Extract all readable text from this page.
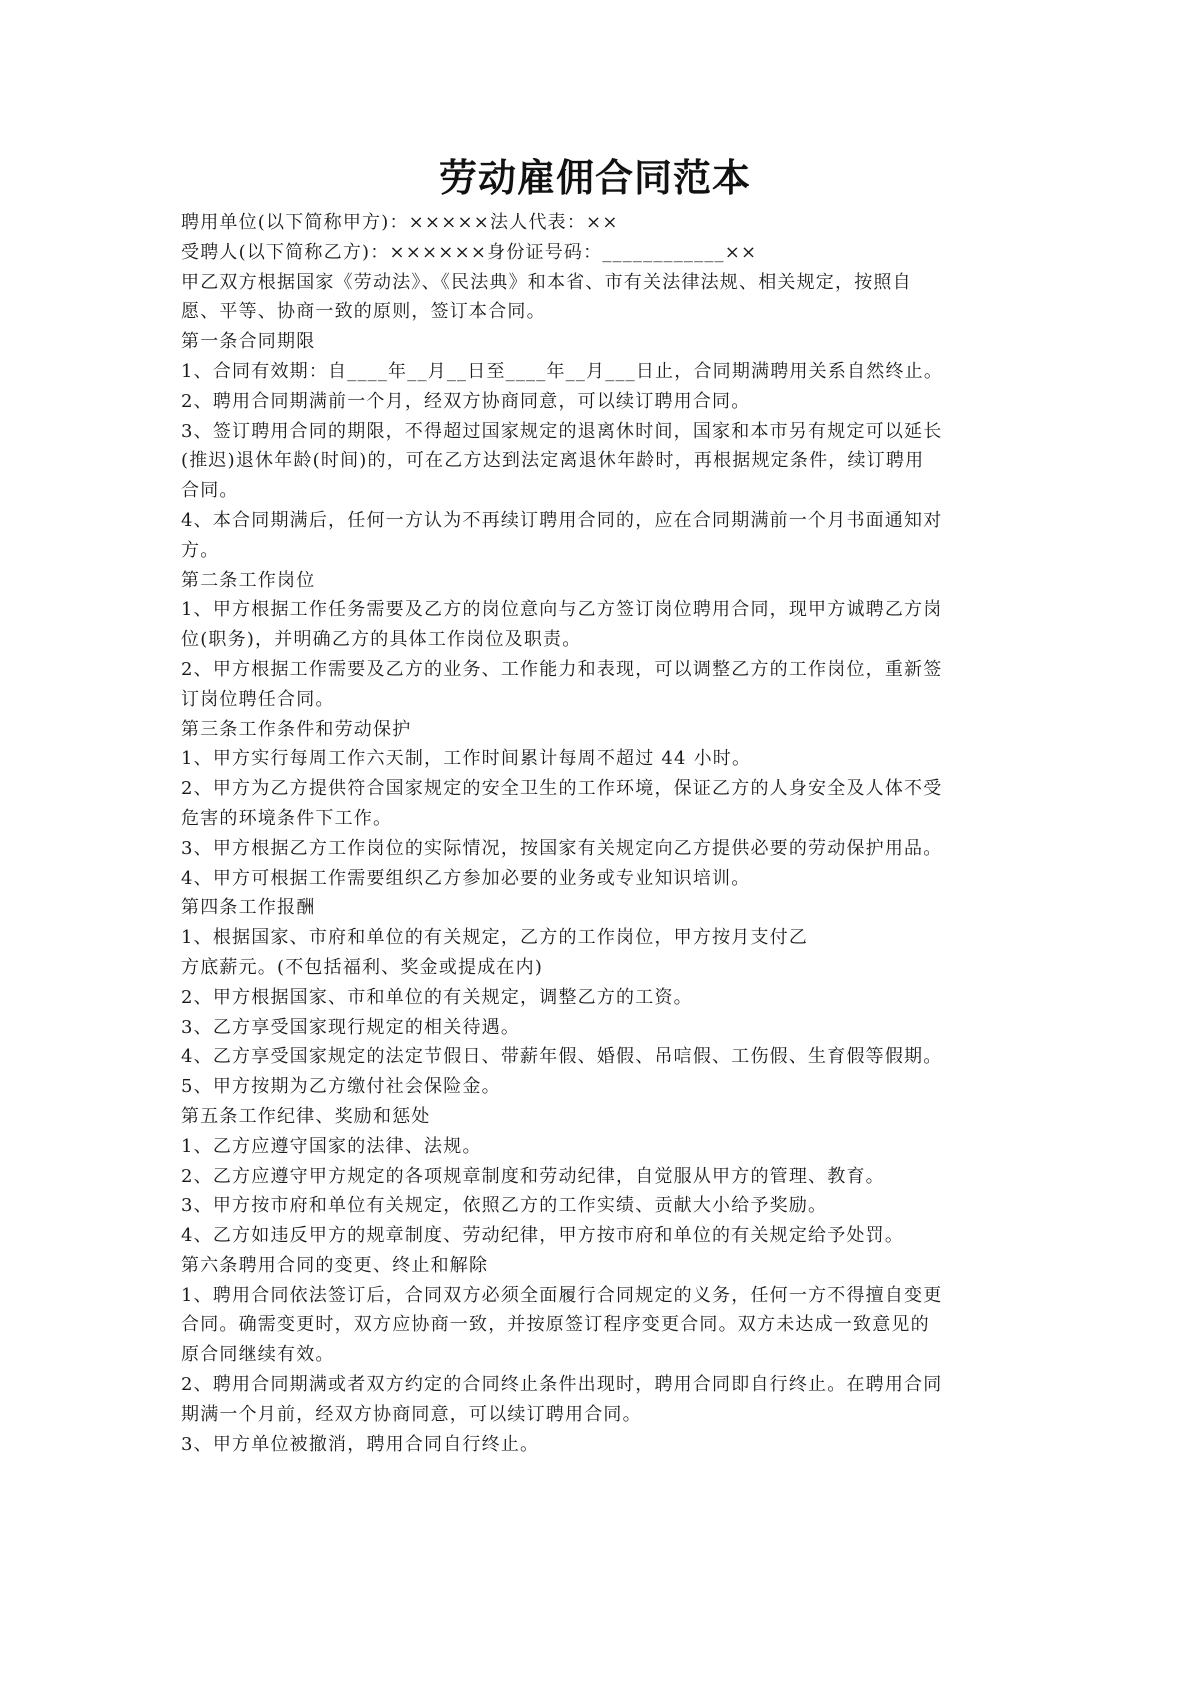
劳动雇佣合同范本
聘用单位(以下简称甲方)：×××××法人代表：××
受聘人(以下简称乙方)：××××××身份证号码：____________××
甲乙双方根据国家《劳动法》、《民法典》和本省、市有关法律法规、相关规定，按照自
愿、平等、协商一致的原则，签订本合同。
第一条合同期限
1、合同有效期：自____年__月__日至____年__月___日止，合同期满聘用关系自然终止。
2、聘用合同期满前一个月，经双方协商同意，可以续订聘用合同。
3、签订聘用合同的期限，不得超过国家规定的退离休时间，国家和本市另有规定可以延长
(推迟)退休年龄(时间)的，可在乙方达到法定离退休年龄时，再根据规定条件，续订聘用
合同。
4、本合同期满后，任何一方认为不再续订聘用合同的，应在合同期满前一个月书面通知对
方。
第二条工作岗位
1、甲方根据工作任务需要及乙方的岗位意向与乙方签订岗位聘用合同，现甲方诚聘乙方岗
位(职务)，并明确乙方的具体工作岗位及职责。
2、甲方根据工作需要及乙方的业务、工作能力和表现，可以调整乙方的工作岗位，重新签
订岗位聘任合同。
第三条工作条件和劳动保护
1、甲方实行每周工作六天制，工作时间累计每周不超过 44 小时。
2、甲方为乙方提供符合国家规定的安全卫生的工作环境，保证乙方的人身安全及人体不受
危害的环境条件下工作。
3、甲方根据乙方工作岗位的实际情况，按国家有关规定向乙方提供必要的劳动保护用品。
4、甲方可根据工作需要组织乙方参加必要的业务或专业知识培训。
第四条工作报酬
1、根据国家、市府和单位的有关规定，乙方的工作岗位，甲方按月支付乙
方底薪元。(不包括福利、奖金或提成在内)
2、甲方根据国家、市和单位的有关规定，调整乙方的工资。
3、乙方享受国家现行规定的相关待遇。
4、乙方享受国家规定的法定节假日、带薪年假、婚假、吊唁假、工伤假、生育假等假期。
5、甲方按期为乙方缴付社会保险金。
第五条工作纪律、奖励和惩处
1、乙方应遵守国家的法律、法规。
2、乙方应遵守甲方规定的各项规章制度和劳动纪律，自觉服从甲方的管理、教育。
3、甲方按市府和单位有关规定，依照乙方的工作实绩、贡献大小给予奖励。
4、乙方如违反甲方的规章制度、劳动纪律，甲方按市府和单位的有关规定给予处罚。
第六条聘用合同的变更、终止和解除
1、聘用合同依法签订后，合同双方必须全面履行合同规定的义务，任何一方不得擅自变更
合同。确需变更时，双方应协商一致，并按原签订程序变更合同。双方未达成一致意见的
原合同继续有效。
2、聘用合同期满或者双方约定的合同终止条件出现时，聘用合同即自行终止。在聘用合同
期满一个月前，经双方协商同意，可以续订聘用合同。
3、甲方单位被撤消，聘用合同自行终止。
